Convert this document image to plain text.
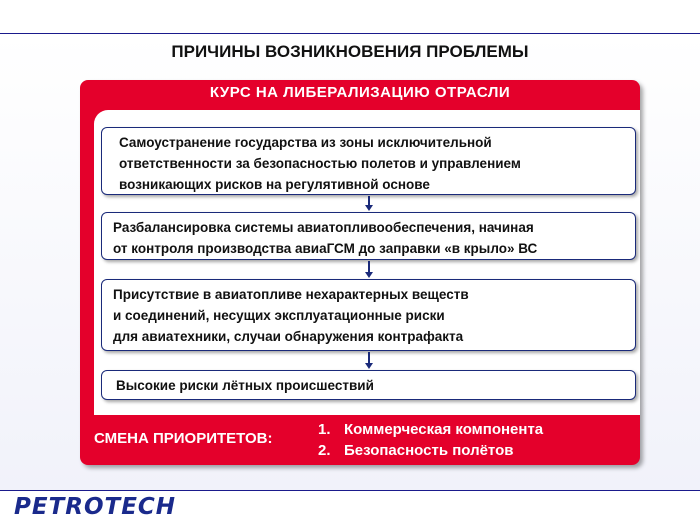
ПРИЧИНЫ ВОЗНИКНОВЕНИЯ ПРОБЛЕМЫ
КУРС НА ЛИБЕРАЛИЗАЦИЮ ОТРАСЛИ
Самоустранение государства из зоны исключительной
ответственности за безопасностью полетов и управлением
возникающих рисков на регулятивной основе
Разбалансировка системы авиатопливообеспечения, начиная
от контроля производства авиаГСМ до заправки «в крыло» ВС
Присутствие в авиатопливе нехарактерных веществ
и соединений, несущих эксплуатационные риски
для авиатехники, случаи обнаружения контрафакта
Высокие риски лётных происшествий
СМЕНА ПРИОРИТЕТОВ:
1. Коммерческая компонента
2. Безопасность полётов
PETROTECH
